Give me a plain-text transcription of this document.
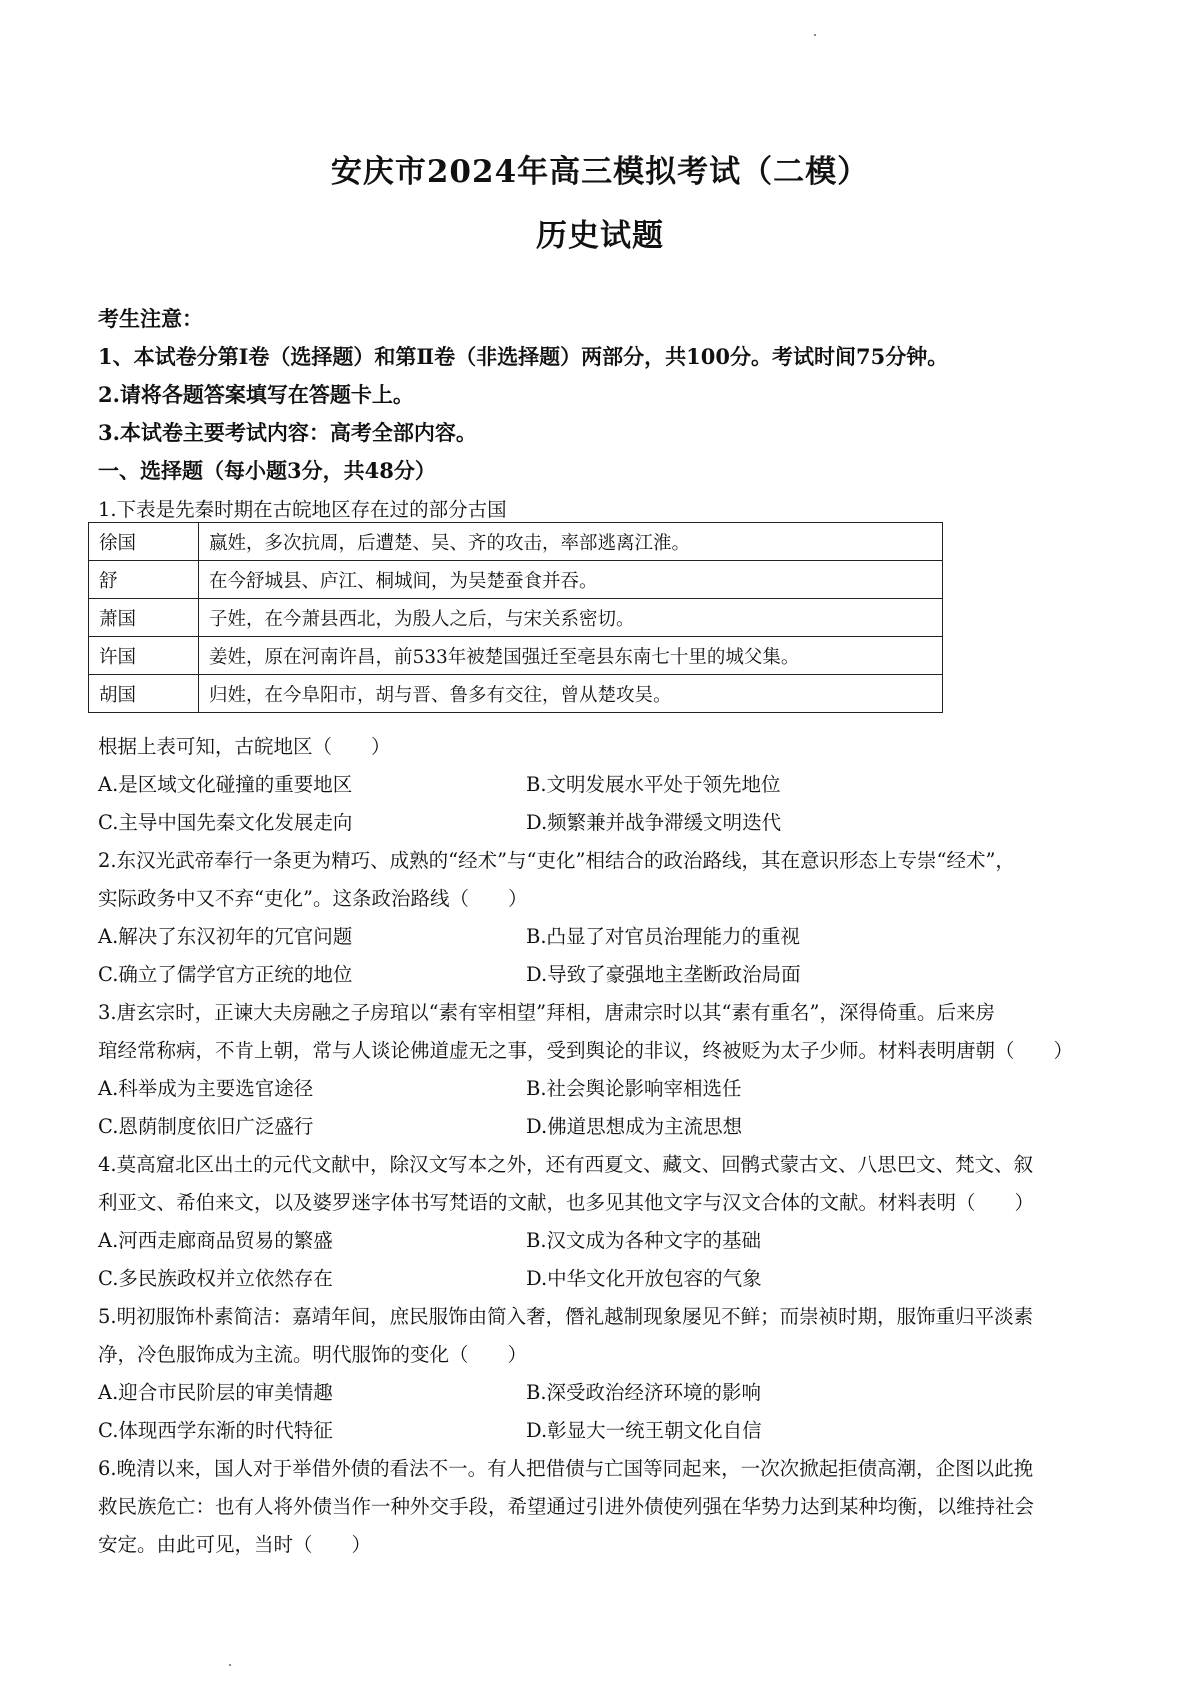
安庆市2024年高三模拟考试（二模）
历史试题
考生注意：
1、本试卷分第Ⅰ卷（选择题）和第Ⅱ卷（非选择题）两部分，共100分。考试时间75分钟。
2.请将各题答案填写在答题卡上。
3.本试卷主要考试内容：高考全部内容。
一、选择题（每小题3分，共48分）
1.下表是先秦时期在古皖地区存在过的部分古国
徐国	嬴姓，多次抗周，后遭楚、吴、齐的攻击，率部逃离江淮。
舒	在今舒城县、庐江、桐城间，为吴楚蚕食并吞。
萧国	子姓，在今萧县西北，为殷人之后，与宋关系密切。
许国	姜姓，原在河南许昌，前533年被楚国强迁至亳县东南七十里的城父集。
胡国	归姓，在今阜阳市，胡与晋、鲁多有交往，曾从楚攻吴。
根据上表可知，古皖地区（　　）
A.是区域文化碰撞的重要地区	B.文明发展水平处于领先地位
C.主导中国先秦文化发展走向	D.频繁兼并战争滞缓文明迭代
2.东汉光武帝奉行一条更为精巧、成熟的“经术”与“吏化”相结合的政治路线，其在意识形态上专崇“经术”，
实际政务中又不弃“吏化”。这条政治路线（　　）
A.解决了东汉初年的冗官问题	B.凸显了对官员治理能力的重视
C.确立了儒学官方正统的地位	D.导致了豪强地主垄断政治局面
3.唐玄宗时，正谏大夫房融之子房琯以“素有宰相望”拜相，唐肃宗时以其“素有重名”，深得倚重。后来房
琯经常称病，不肯上朝，常与人谈论佛道虚无之事，受到舆论的非议，终被贬为太子少师。材料表明唐朝（　　）
A.科举成为主要选官途径	B.社会舆论影响宰相选任
C.恩荫制度依旧广泛盛行	D.佛道思想成为主流思想
4.莫高窟北区出土的元代文献中，除汉文写本之外，还有西夏文、藏文、回鹘式蒙古文、八思巴文、梵文、叙
利亚文、希伯来文，以及婆罗迷字体书写梵语的文献，也多见其他文字与汉文合体的文献。材料表明（　　）
A.河西走廊商品贸易的繁盛	B.汉文成为各种文字的基础
C.多民族政权并立依然存在	D.中华文化开放包容的气象
5.明初服饰朴素简洁：嘉靖年间，庶民服饰由简入奢，僭礼越制现象屡见不鲜；而崇祯时期，服饰重归平淡素
净，冷色服饰成为主流。明代服饰的变化（　　）
A.迎合市民阶层的审美情趣	B.深受政治经济环境的影响
C.体现西学东渐的时代特征	D.彰显大一统王朝文化自信
6.晚清以来，国人对于举借外债的看法不一。有人把借债与亡国等同起来，一次次掀起拒债高潮，企图以此挽
救民族危亡：也有人将外债当作一种外交手段，希望通过引进外债使列强在华势力达到某种均衡，以维持社会
安定。由此可见，当时（　　）
